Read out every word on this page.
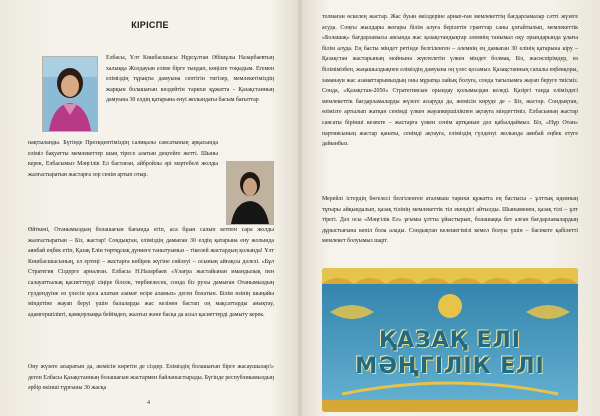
КІРІСПЕ
Елбасы, Ұлт Көшбасшысы Нұрсұлтан Әбішұлы Назарбаевтың халыққа Жолдауын еліме бірге тыңдап, көңілге тоқыдым. Егемен еліміздің тұрақты дамуына септігін тигізер, мемлекетіміздің жарқын болашағын көздейтін тарихи құжатта - Қазақстанның дамуына 30 елдің қатарына енуі жолындағы басым бағыттар
нақтыланды. Бүгінде Президентіміздің салиқалы саясатының арқасында еліміз бақуатты мемлекеттер шың тіресе алатын деңгейге жетті. Шыны керек, Елбасымыз Мәңгілік Ел бастаған, айбройлы әрі мәртебелі жолды жалғастыратын жастарға зор сенім артып отыр.
Өйткені, Отанымыздың болашағын бағында егіп, аса бұын салып кетпен сара жолды жалғастыратын – Біз, жастар! Сондықтан, еліміздің дамыған 30 елдің қатарына ену жолында аянбай еңбек етіп, Қазақ Елін төртқұлақ дүниеге танытуымыз – тікелей жастардың қолында! Ұлт Көшбасшысының, ел ертеңі – жастарға көбірек жүгіне сөйлеуі – осының айғақсы дәлелі. «Бұл Стратегия Сіздерге арналған. Елбасы Н.Назарбаев «Ұлағра жастайынан имандылық пен салауаттылық қасиеттерді сіңіре білсек, төрбиелесек, сонда біз рухы дамыған Отанымыздың гүлдендуіне өз үлесін қоса алатын азамат өсіре аламыз» деген болатын. Білім өзінің шыңайы міндетіне жауап беруі үшін балаларды жас кезінен бастап оң мақсаттарды анықтау, адамгершілікті, қамқорлыққа бейімдеп, жалғыз және басқа да асыл қасиеттерді дамыту керек.
Ону жүзеге асыратын да, жемісін көретін де сіздер. Еліміздің болашағын бірге жасаушылар!» деген Елбасы Қазақстанның болашағын жастармен байланыстырады. Бүгінде республикамыздың әрбір екінші тұрғыны 30 жасқа
4
толмаған өскелең жастар. Жас буын өкілдеріне арнап-ған мемлекеттің бағдарламалар сәтті жүзеге асуда. Соңғы жылдары жоғары білім алуға берілетін гранттар саны ұлғайтылып, мемлекеттік «Болашақ» бағдарламасы аясында жас қазақстандықтар әлемнің танымал оқу орындарында ұлағы білім алуда. Ең басты міндет ретінде белгіленген – әлемнің ең дамыған 30 елінің қатарына кіру – Қазақстан жастарының мойнына жүктелетін үлкен міндет болмақ. Біз, жасөспірімдер, өз білімімізбен, жаңашылдықпен еліміздің дамуына оң үлес қосамыз. Қазақстанның сапалы еңбекқоры, заманауи жас азаматтарымыздың оны мұратқа лайық болуға, сонда тағылымға жауап беруге тиісміз. Сонда, «Қазақстан-2050» Стратегиясын орындау қолымыздан келеді. Қазіргі таңда еліміздегі мемлекеттік бағдарламаларды жүзеге асыруда да, жемісін көруде де – Біз, жастар. Сондықтан, өзімізге артылып жатқан сенімді үлкен жауапкершілікпен ақтауға міндеттіміз. Елбасының жастар саясаты бірінші кезекте – жастарға үлкен сенім артқанын дәл қабылдаймыз. Біз, «Нұр Отан» партиясының жастар қанаты, сенімді ақтауға, еліміздің гүлденуі жолында аянбай еңбек етуге дайынбыз.
Мерейлі істердің бөгелесі белгіленген аталмыш тарихи құжатта ең бастысы – ұлттық идеяның тұғыры айқындалып, қазақ тілінің мемлекеттік тіл екендігі айтылды. Шыныменен, қазақ тілі – ұлт тірегі. Дәл осы «Мәңгілік Ел» ұғымы ұлтты ұйыстырып, болашаққа бет алған бағдарламалардың дұрыстығына кепіл бола алады. Сондықтан келешегімізі кемел болуы үшін – басекеге қабілетті мемлекет болуымыз шарт.
ҚАЗАҚ ЕЛІ
МӘҢГІЛІК ЕЛІ
